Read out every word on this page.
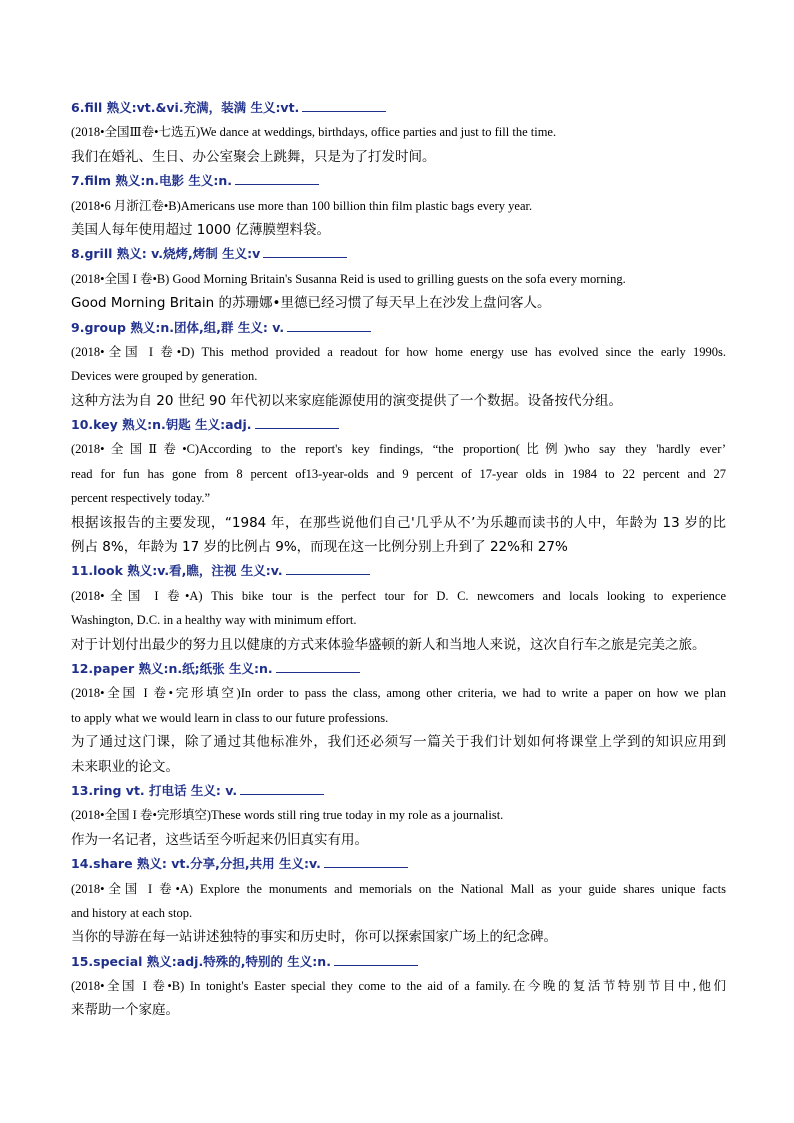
6.fill 熟义:vt.&vi.充满，装满 生义:vt.
(2018•全国Ⅲ卷•七选五)We dance at weddings, birthdays, office parties and just to fill the time.
我们在婚礼、生日、办公室聚会上跳舞，只是为了打发时间。
7.film 熟义:n.电影 生义:n.
(2018•6 月浙江卷•B)Americans use more than 100 billion thin film plastic bags every year.
美国人每年使用超过 1000 亿薄膜塑料袋。
8.grill 熟义: v.烧烤,烤制 生义:v
(2018•全国 I 卷•B) Good Morning Britain's Susanna Reid is used to grilling guests on the sofa every morning.
Good Morning Britain 的苏珊娜•里德已经习惯了每天早上在沙发上盘问客人。
9.group 熟义:n.团体,组,群 生义: v.
(2018•全国 I 卷•D) This method provided a readout for how home energy use has evolved since the early 1990s.
Devices were grouped by generation.
这种方法为自 20 世纪 90 年代初以来家庭能源使用的演变提供了一个数据。设备按代分组。
10.key 熟义:n.钥匙 生义:adj.
(2018•全国Ⅱ卷•C)According to the report's key findings, “the proportion(比例)who say they 'hardly ever’
read for fun has gone from 8 percent of13-year-olds and 9 percent of 17-year olds in 1984 to 22 percent and 27
percent respectively today.”
根据该报告的主要发现，“1984 年，在那些说他们自己'几乎从不’为乐趣而读书的人中，年龄为 13 岁的比
例占 8%，年龄为 17 岁的比例占 9%，而现在这一比例分别上升到了 22%和 27%
11.look 熟义:v.看,瞧，注视 生义:v.
(2018•全国 I 卷•A) This bike tour is the perfect tour for D. C. newcomers and locals looking to experience
Washington, D.C. in a healthy way with minimum effort.
对于计划付出最少的努力且以健康的方式来体验华盛顿的新人和当地人来说，这次自行车之旅是完美之旅。
12.paper 熟义:n.纸;纸张 生义:n.
(2018•全国 I 卷•完形填空)In order to pass the class, among other criteria, we had to write a paper on how we plan
to apply what we would learn in class to our future professions.
为了通过这门课，除了通过其他标准外，我们还必须写一篇关于我们计划如何将课堂上学到的知识应用到
未来职业的论文。
13.ring vt. 打电话 生义: v.
(2018•全国 I 卷•完形填空)These words still ring true today in my role as a journalist.
作为一名记者，这些话至今听起来仍旧真实有用。
14.share 熟义: vt.分享,分担,共用 生义:v.
(2018•全国 I 卷•A) Explore the monuments and memorials on the National Mall as your guide shares unique facts
and history at each stop.
当你的导游在每一站讲述独特的事实和历史时，你可以探索国家广场上的纪念碑。
15.special 熟义:adj.特殊的,特别的 生义:n.
(2018•全国 I 卷•B) In tonight's Easter special they come to the aid of a family.在今晚的复活节特别节目中,他们
来帮助一个家庭。
